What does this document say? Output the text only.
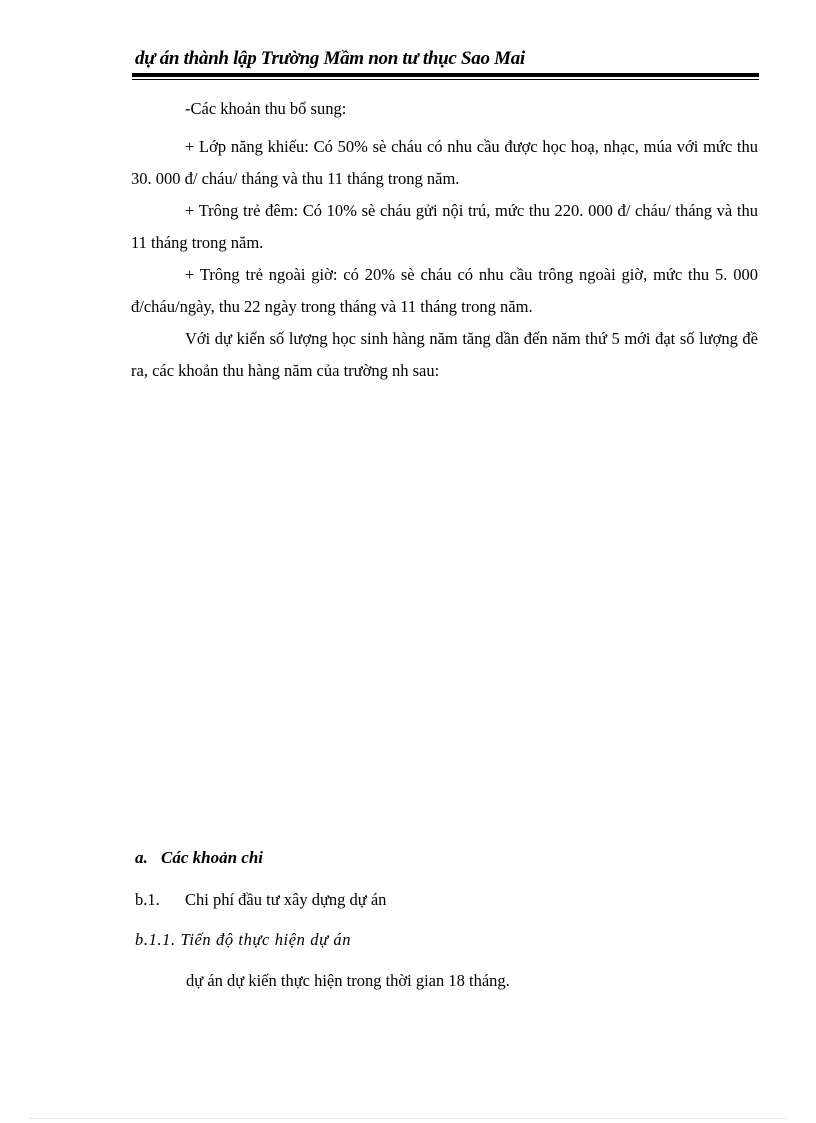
dự án thành lập Trường Mầm non tư thục Sao Mai
-Các khoản thu bổ sung:
+ Lớp năng khiếu: Có 50% sè cháu có nhu cầu được học hoạ, nhạc, múa với mức thu 30. 000 đ/ cháu/ tháng và thu 11 tháng trong năm.
+ Trông trẻ đêm: Có 10% sè cháu gửi nội trú, mức thu 220. 000 đ/ cháu/ tháng và thu 11 tháng trong năm.
+ Trông trẻ ngoài giờ: có 20% sè cháu có nhu cầu trông ngoài giờ, mức thu 5. 000 đ/cháu/ngày, thu 22 ngày trong tháng và 11 tháng trong năm.
Với dự kiến số lượng học sinh hàng năm tăng dần đến năm thứ 5 mới đạt số lượng đề ra, các khoản thu hàng năm của trường nh sau:
a. Các khoản chi
b.1. Chi phí đầu tư xây dựng dự án
b.1.1. Tiến độ thực hiện dự án
dự án dự kiến thực hiện trong thời gian 18 tháng.
